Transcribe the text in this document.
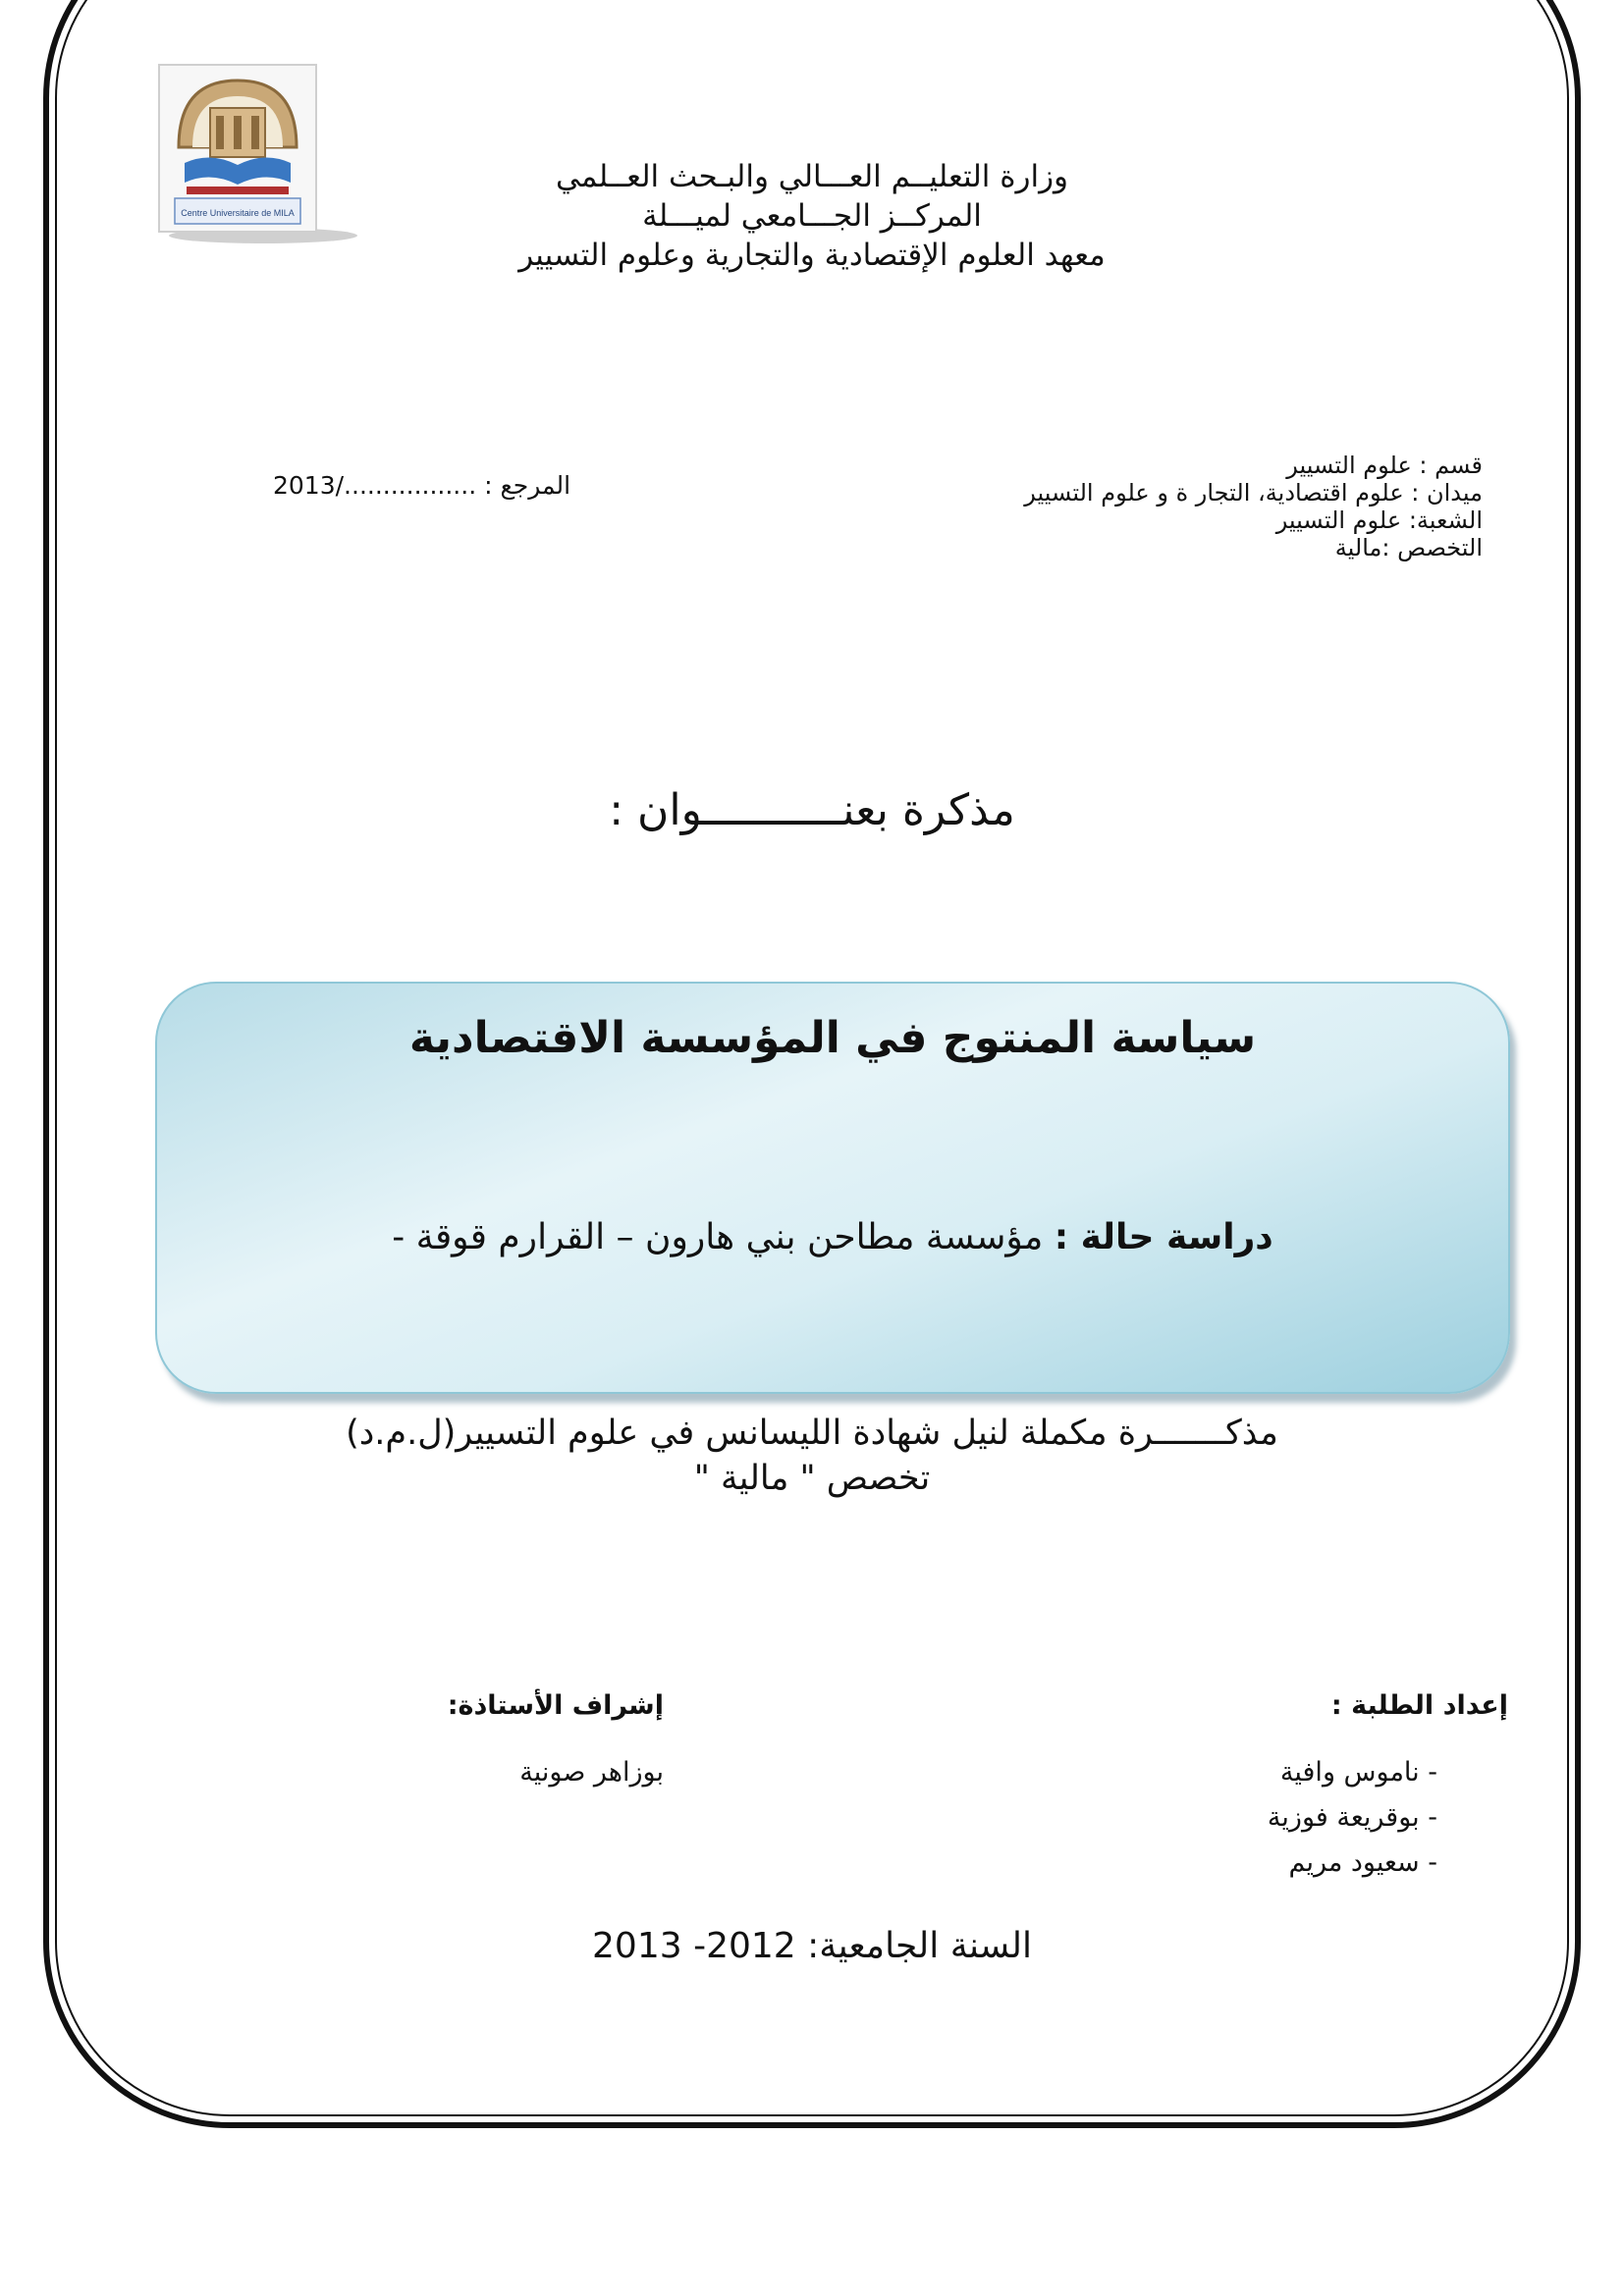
Centre Universitaire de MILA
وزارة التعليــم العـــالي والبـحث العــلمي
المركــز الجـــامعي لميـــلة
معهد العلوم الإقتصادية والتجارية وعلوم التسيير
قسم : علوم التسيير
ميدان : علوم اقتصادية، التجار ة و علوم التسيير
الشعبة: علوم التسيير
التخصص :مالية
المرجع : ................./2013
مذكرة بعنـــــــــــوان :
سياسة المنتوج في المؤسسة الاقتصادية
دراسة حالة : مؤسسة مطاحن بني هارون – القرارم قوقة -
مذكـــــــرة مكملة لنيل شهادة الليسانس في علوم التسيير(ل.م.د)
تخصص " مالية "
إعداد الطلبة :
- ناموس وافية
- بوقريعة فوزية
- سعيود مريم
إشراف الأستاذة:
بوزاهر صونية
السنة الجامعية: 2012- 2013
